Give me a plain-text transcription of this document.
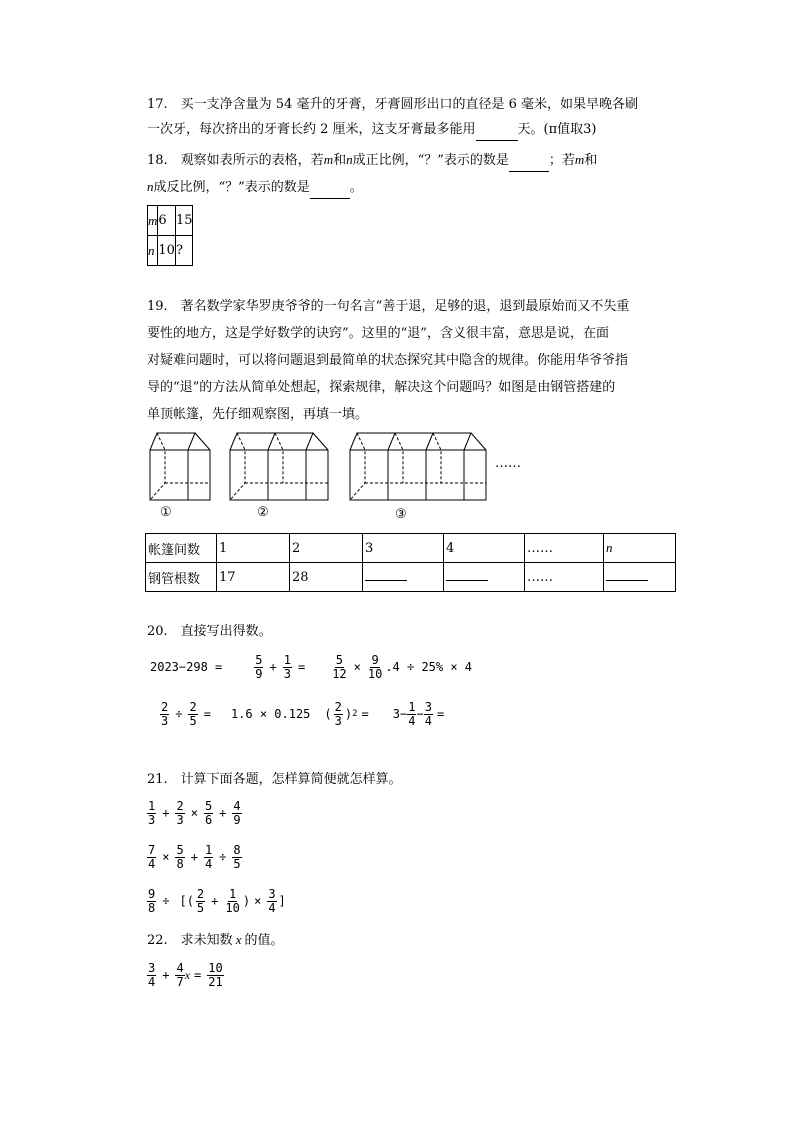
17.　买一支净含量为 54 毫升的牙膏，牙膏圆形出口的直径是 6 毫米，如果早晚各刷
一次牙，每次挤出的牙膏长约 2 厘米，这支牙膏最多能用	天。(π值取3)
18.　观察如表所示的表格，若m和n成正比例，“？”表示的数是	；若m和
n成反比例，“？”表示的数是	。
m	6	15
n	10	?
19.　著名数学家华罗庚爷爷的一句名言“善于退，足够的退，退到最原始而又不失重
要性的地方，这是学好数学的诀窍”。这里的“退”，含义很丰富，意思是说，在面
对疑难问题时，可以将问题退到最简单的状态探究其中隐含的规律。你能用华爷爷指
导的“退”的方法从简单处想起，探索规律，解决这个问题吗？如图是由钢管搭建的
单顶帐篷，先仔细观察图，再填一填。
……
①	②	③
帐篷间数	1	2	3	4	……	n
钢管根数	17	28			……	
20.　直接写出得数。
2023−298 =	$\frac{5}{9} + \frac{1}{3} = \frac{5}{12} \times \frac{9}{10} .4 \div 25\% \times 4$
$\frac{2}{3} \div \frac{2}{5} = 1.6 \times 0.125$ (
2
3 ) $2 = 3- \frac{1}{4} - \frac{3}{4}$ =
21.　计算下面各题，怎样算简便就怎样算。
1
$3 + \frac{2}{3} \times \frac{5}{6} + \frac{4}{9}$
$\frac{7}{4} \times \frac{5}{8} + \frac{1}{4} \div \frac{8}{5}$
$\frac{9}{8}$ ÷ [(
2
$5 + \frac{1}{10}$ ) × $\frac{3}{4}$ ]
22.　求未知数 x 的值。
3
$4 + \frac{4}{7}$ $x = \frac{10}{21}$
